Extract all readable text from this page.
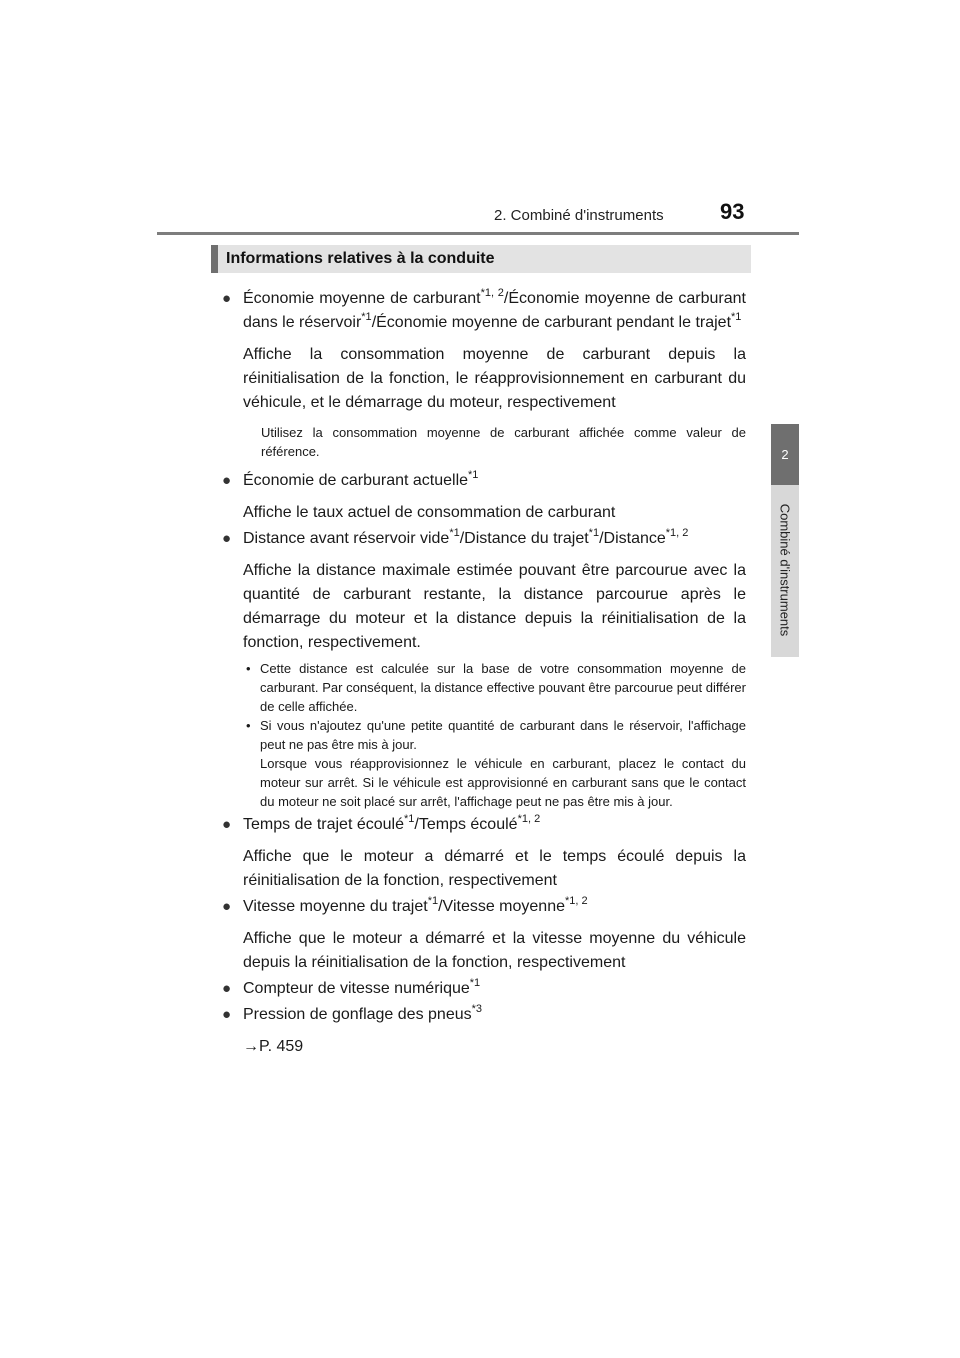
2. Combiné d'instruments	93
2
Combiné d'instruments
Informations relatives à la conduite
● Économie moyenne de carburant$^{*1, 2}$/Économie moyenne de carburant dans le réservoir$^{*1}$/Économie moyenne de carburant pendant le trajet$^{*1}$
Affiche la consommation moyenne de carburant depuis la réinitialisation de la fonction, le réapprovisionnement en carburant du véhicule, et le démarrage du moteur, respectivement
Utilisez la consommation moyenne de carburant affichée comme valeur de référence.
● Économie de carburant actuelle$^{*1}$
Affiche le taux actuel de consommation de carburant
● Distance avant réservoir vide$^{*1}$/Distance du trajet$^{*1}$/Distance$^{*1, 2}$
Affiche la distance maximale estimée pouvant être parcourue avec la quantité de carburant restante, la distance parcourue après le démarrage du moteur et la distance depuis la réinitialisation de la fonction, respectivement.
• Cette distance est calculée sur la base de votre consommation moyenne de carburant. Par conséquent, la distance effective pouvant être parcourue peut différer de celle affichée.
• Si vous n'ajoutez qu'une petite quantité de carburant dans le réservoir, l'affichage peut ne pas être mis à jour.
Lorsque vous réapprovisionnez le véhicule en carburant, placez le contact du moteur sur arrêt. Si le véhicule est approvisionné en carburant sans que le contact du moteur ne soit placé sur arrêt, l'affichage peut ne pas être mis à jour.
● Temps de trajet écoulé$^{*1}$/Temps écoulé$^{*1, 2}$
Affiche que le moteur a démarré et le temps écoulé depuis la réinitialisation de la fonction, respectivement
● Vitesse moyenne du trajet$^{*1}$/Vitesse moyenne$^{*1, 2}$
Affiche que le moteur a démarré et la vitesse moyenne du véhicule depuis la réinitialisation de la fonction, respectivement
● Compteur de vitesse numérique$^{*1}$
● Pression de gonflage des pneus$^{*3}$
→P. 459
